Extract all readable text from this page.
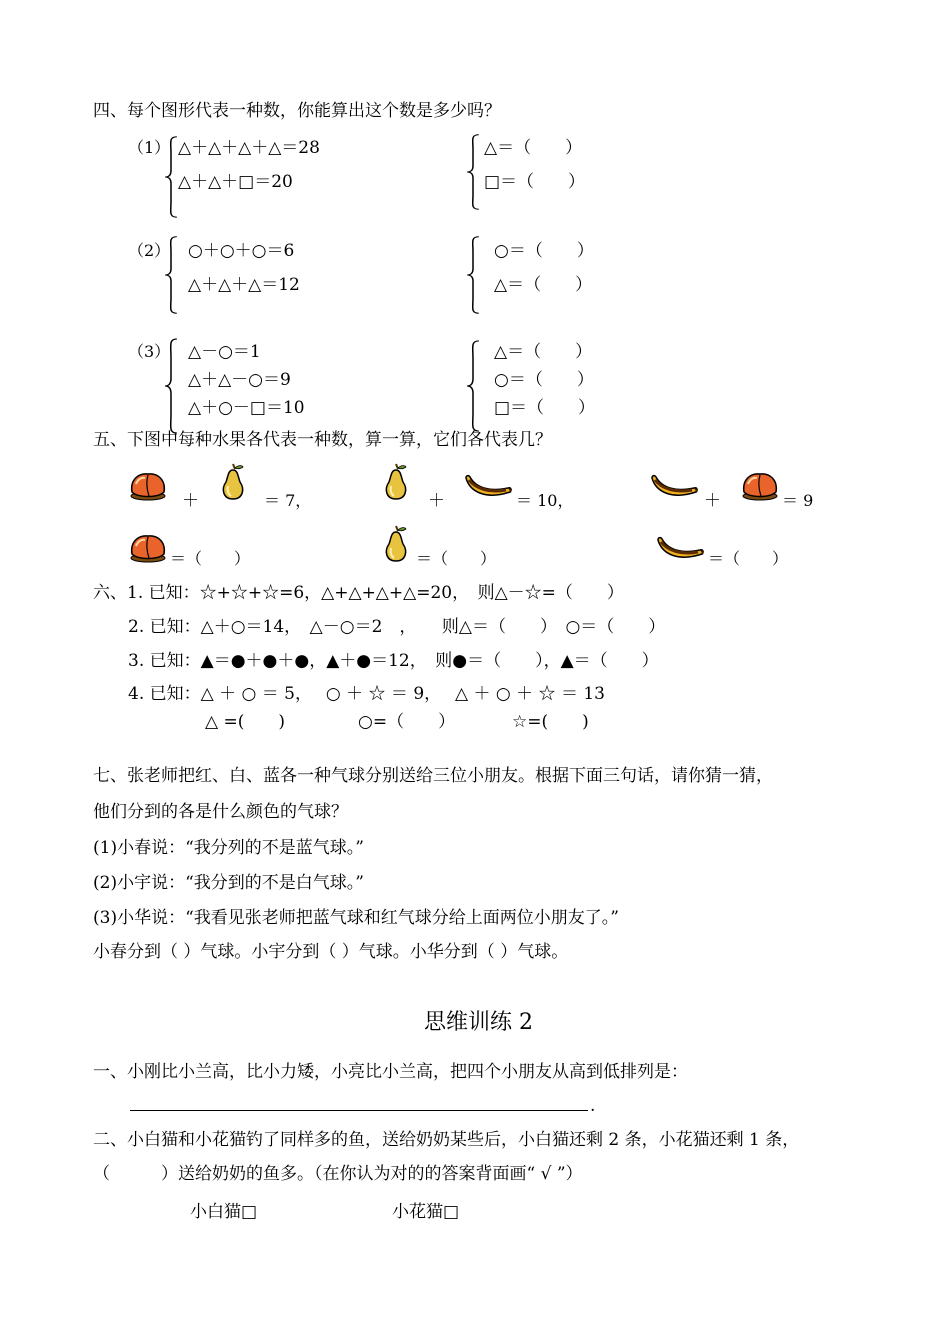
四、每个图形代表一种数，你能算出这个数是多少吗？
（1） △＋△＋△＋△＝28
△＋△＋□＝20
△＝（　　）
□＝（　　）
（2） ○＋○＋○＝6
△＋△＋△＝12
○＝（　　）
△＝（　　）
（3） △－○＝1
△＋△－○＝9
△＋○－□＝10
△＝（　　）
○＝（　　）
□＝（　　）
五、下图中每种水果各代表一种数，算一算，它们各代表几？
＋	＝ 7，	＋	＝ 10，	＋	＝ 9
＝（　　）	＝（　　）	＝（　　）
六、1. 已知：☆+☆+☆=6，△+△+△+△=20，　则△－☆=（　　）
2. 已知：△＋○＝14，　△－○＝2　，　　则△＝（　　）　○＝（　　）
3. 已知：▲＝●＋●＋●，▲＋●＝12，　则●＝（　　），▲＝（　　）
4. 已知：△ ＋ ○ ＝ 5，　 ○ ＋ ☆ ＝ 9，　 △ ＋ ○ ＋ ☆ ＝ 13
△ =(　　)	○=（　　）	☆=(　　)
七、张老师把红、白、蓝各一种气球分别送给三位小朋友。根据下面三句话，请你猜一猜，
他们分到的各是什么颜色的气球？
(1)小春说：“我分列的不是蓝气球。”
(2)小宇说：“我分到的不是白气球。”
(3)小华说：“我看见张老师把蓝气球和红气球分给上面两位小朋友了。”
小春分到（ ）气球。小宇分到（ ）气球。小华分到（ ）气球。
思维训练 2
一、小刚比小兰高，比小力矮，小亮比小兰高，把四个小朋友从高到低排列是：
.
二、小白猫和小花猫钓了同样多的鱼，送给奶奶某些后，小白猫还剩 2 条，小花猫还剩 1 条，
（　　　）送给奶奶的鱼多。（在你认为对的的答案背面画“ √ ”）
小白猫□	小花猫□
